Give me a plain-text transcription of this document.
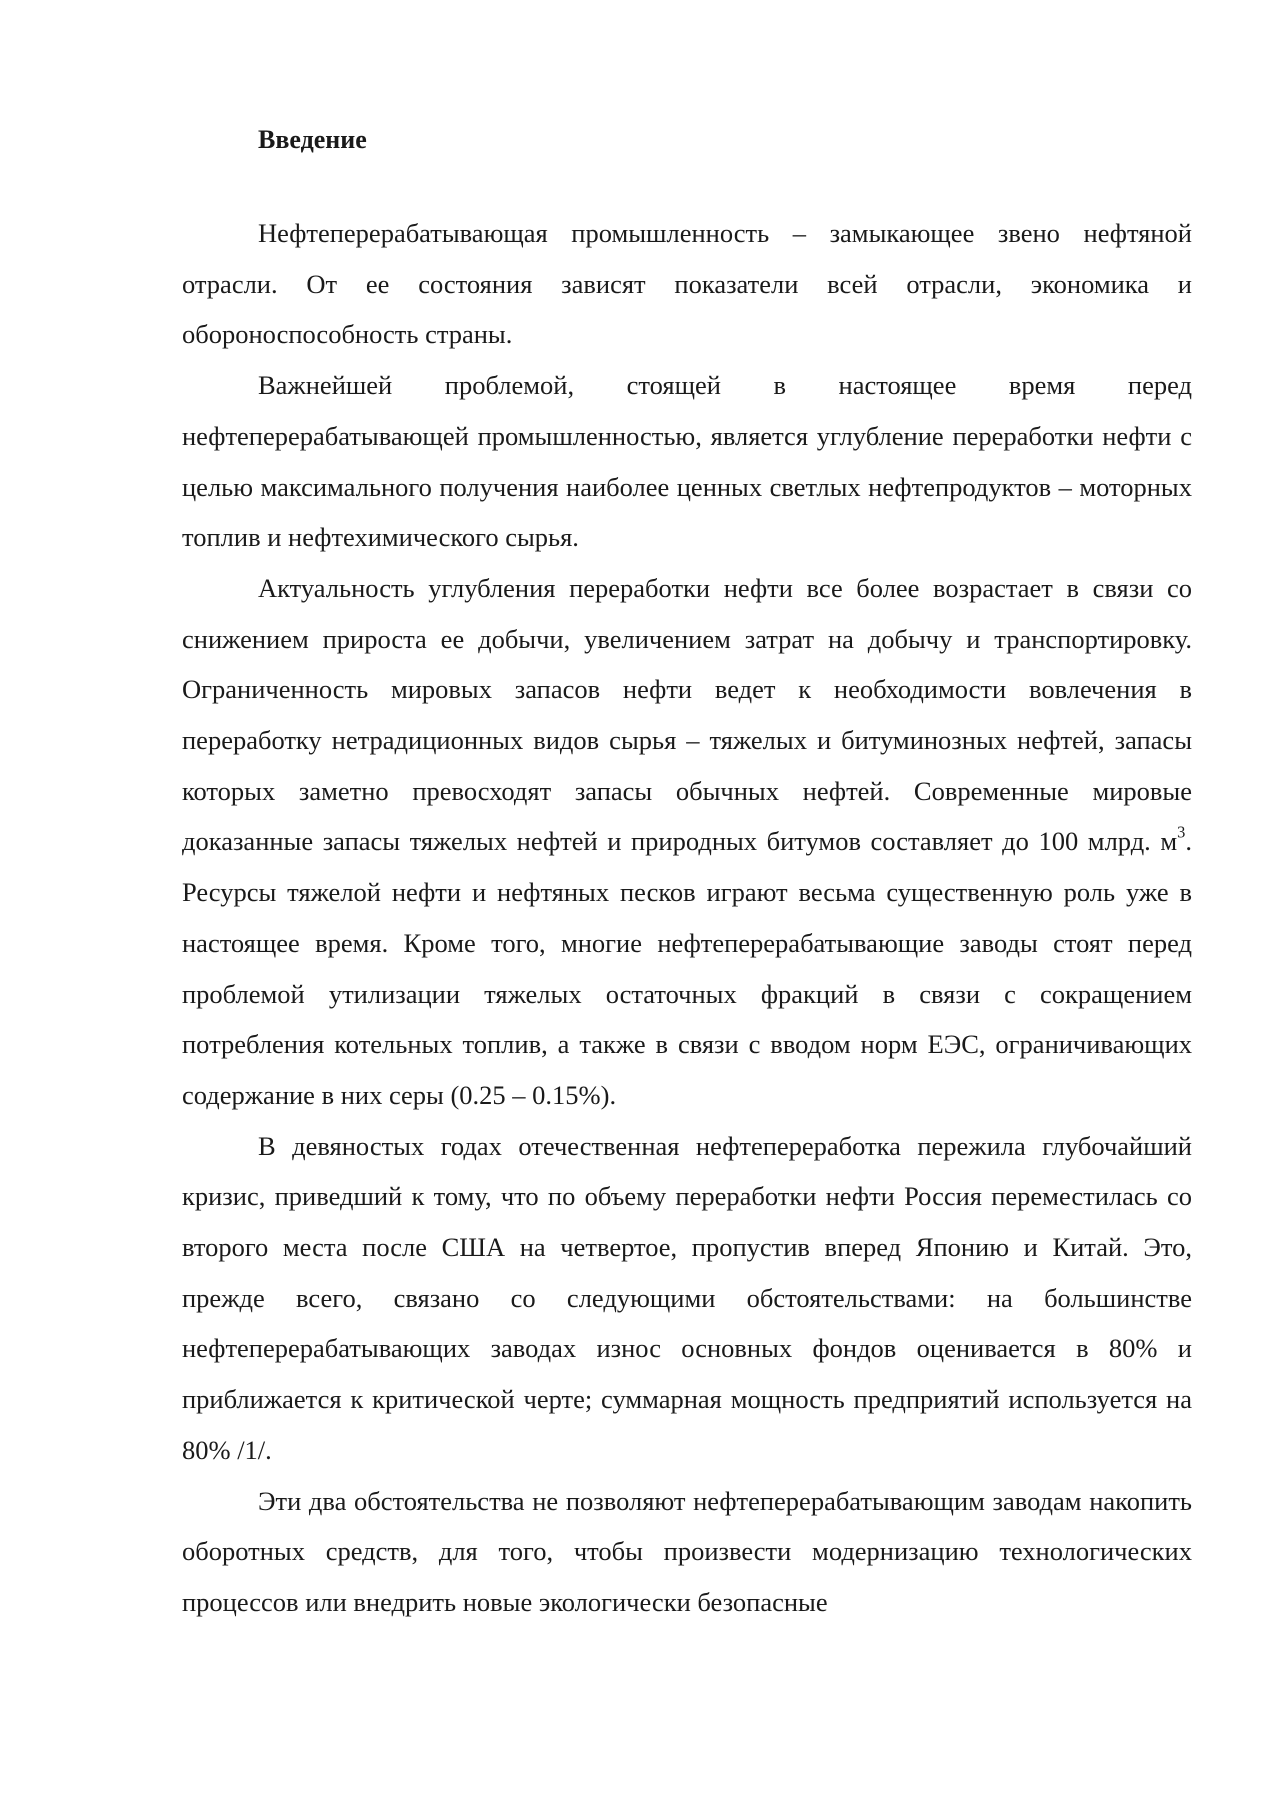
Введение

Нефтеперерабатывающая промышленность – замыкающее звено нефтяной отрасли. От ее состояния зависят показатели всей отрасли, экономика и обороноспособность страны.

Важнейшей проблемой, стоящей в настоящее время перед нефтеперерабатывающей промышленностью, является углубление переработки нефти с целью максимального получения наиболее ценных светлых нефтепродуктов – моторных топлив и нефтехимического сырья.

Актуальность углубления переработки нефти все более возрастает в связи со снижением прироста ее добычи, увеличением затрат на добычу и транспортировку. Ограниченность мировых запасов нефти ведет к необходимости вовлечения в переработку нетрадиционных видов сырья – тяжелых и битуминозных нефтей, запасы которых заметно превосходят запасы обычных нефтей. Современные мировые доказанные запасы тяжелых нефтей и природных битумов составляет до 100 млрд. $м^3$. Ресурсы тяжелой нефти и нефтяных песков играют весьма существенную роль уже в настоящее время. Кроме того, многие нефтеперерабатывающие заводы стоят перед проблемой утилизации тяжелых остаточных фракций в связи с сокращением потребления котельных топлив, а также в связи с вводом норм ЕЭС, ограничивающих содержание в них серы (0.25 – 0.15%).

В девяностых годах отечественная нефтепереработка пережила глубочайший кризис, приведший к тому, что по объему переработки нефти Россия переместилась со второго места после США на четвертое, пропустив вперед Японию и Китай. Это, прежде всего, связано со следующими обстоятельствами: на большинстве нефтеперерабатывающих заводах износ основных фондов оценивается в 80% и приближается к критической черте; суммарная мощность предприятий используется на 80% /1/.

Эти два обстоятельства не позволяют нефтеперерабатывающим заводам накопить оборотных средств, для того, чтобы произвести модернизацию технологических процессов или внедрить новые экологически безопасные
